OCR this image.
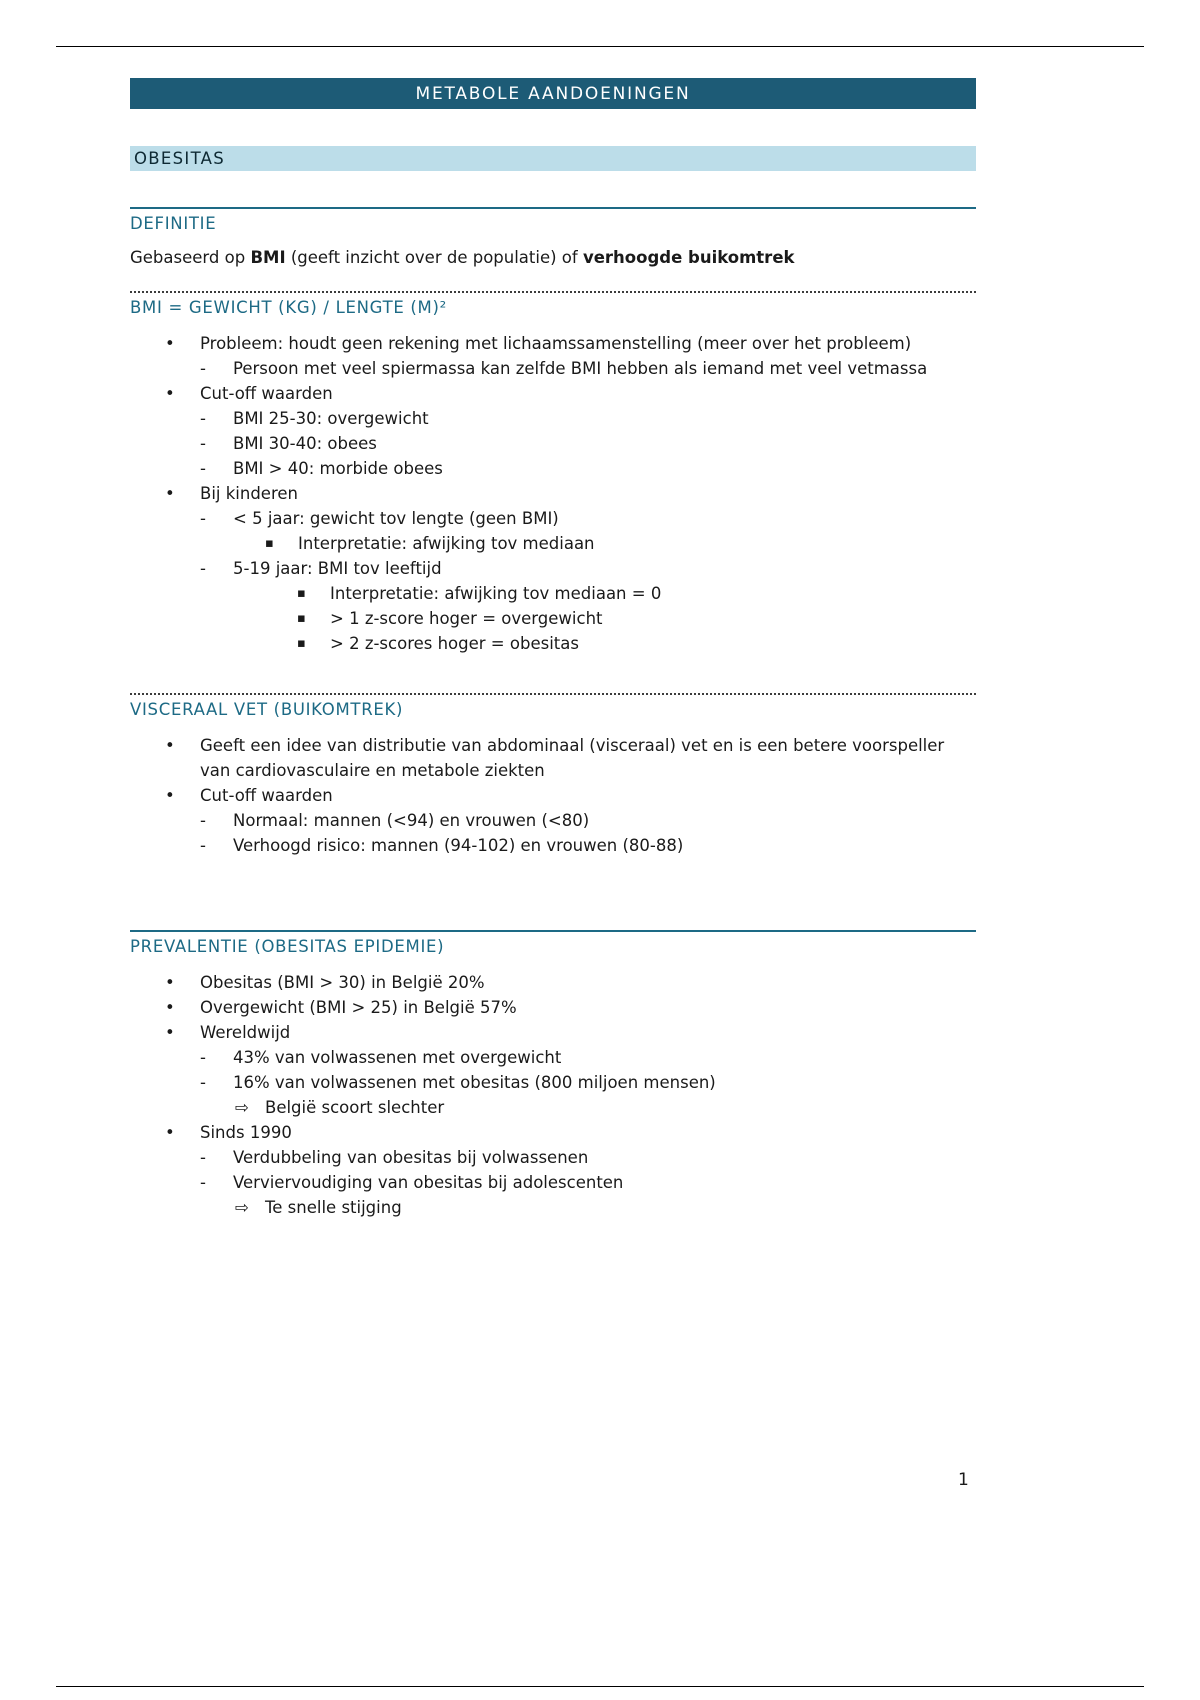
METABOLE AANDOENINGEN
OBESITAS
DEFINITIE

Gebaseerd op BMI (geeft inzicht over de populatie) of verhoogde buikomtrek

BMI = GEWICHT (KG) / LENGTE (M)²
•	Probleem: houdt geen rekening met lichaamssamenstelling (meer over het probleem)
-	Persoon met veel spiermassa kan zelfde BMI hebben als iemand met veel vetmassa
•	Cut-off waarden
-	BMI 25-30: overgewicht
-	BMI 30-40: obees
-	BMI > 40: morbide obees
•	Bij kinderen
-	< 5 jaar: gewicht tov lengte (geen BMI)
▪	Interpretatie: afwijking tov mediaan
-	5-19 jaar: BMI tov leeftijd
▪	Interpretatie: afwijking tov mediaan = 0
▪	> 1 z-score hoger = overgewicht
▪	> 2 z-scores hoger = obesitas
VISCERAAL VET (BUIKOMTREK)
•	Geeft een idee van distributie van abdominaal (visceraal) vet en is een betere voorspeller van cardiovasculaire en metabole ziekten
•	Cut-off waarden
-	Normaal: mannen (<94) en vrouwen (<80)
-	Verhoogd risico: mannen (94-102) en vrouwen (80-88)
PREVALENTIE (OBESITAS EPIDEMIE)
•	Obesitas (BMI > 30) in België 20%
•	Overgewicht (BMI > 25) in België 57%
•	Wereldwijd
-	43% van volwassenen met overgewicht
-	16% van volwassenen met obesitas (800 miljoen mensen)
⇨ België scoort slechter
•	Sinds 1990
-	Verdubbeling van obesitas bij volwassenen
-	Verviervoudiging van obesitas bij adolescenten
⇨ Te snelle stijging
1
